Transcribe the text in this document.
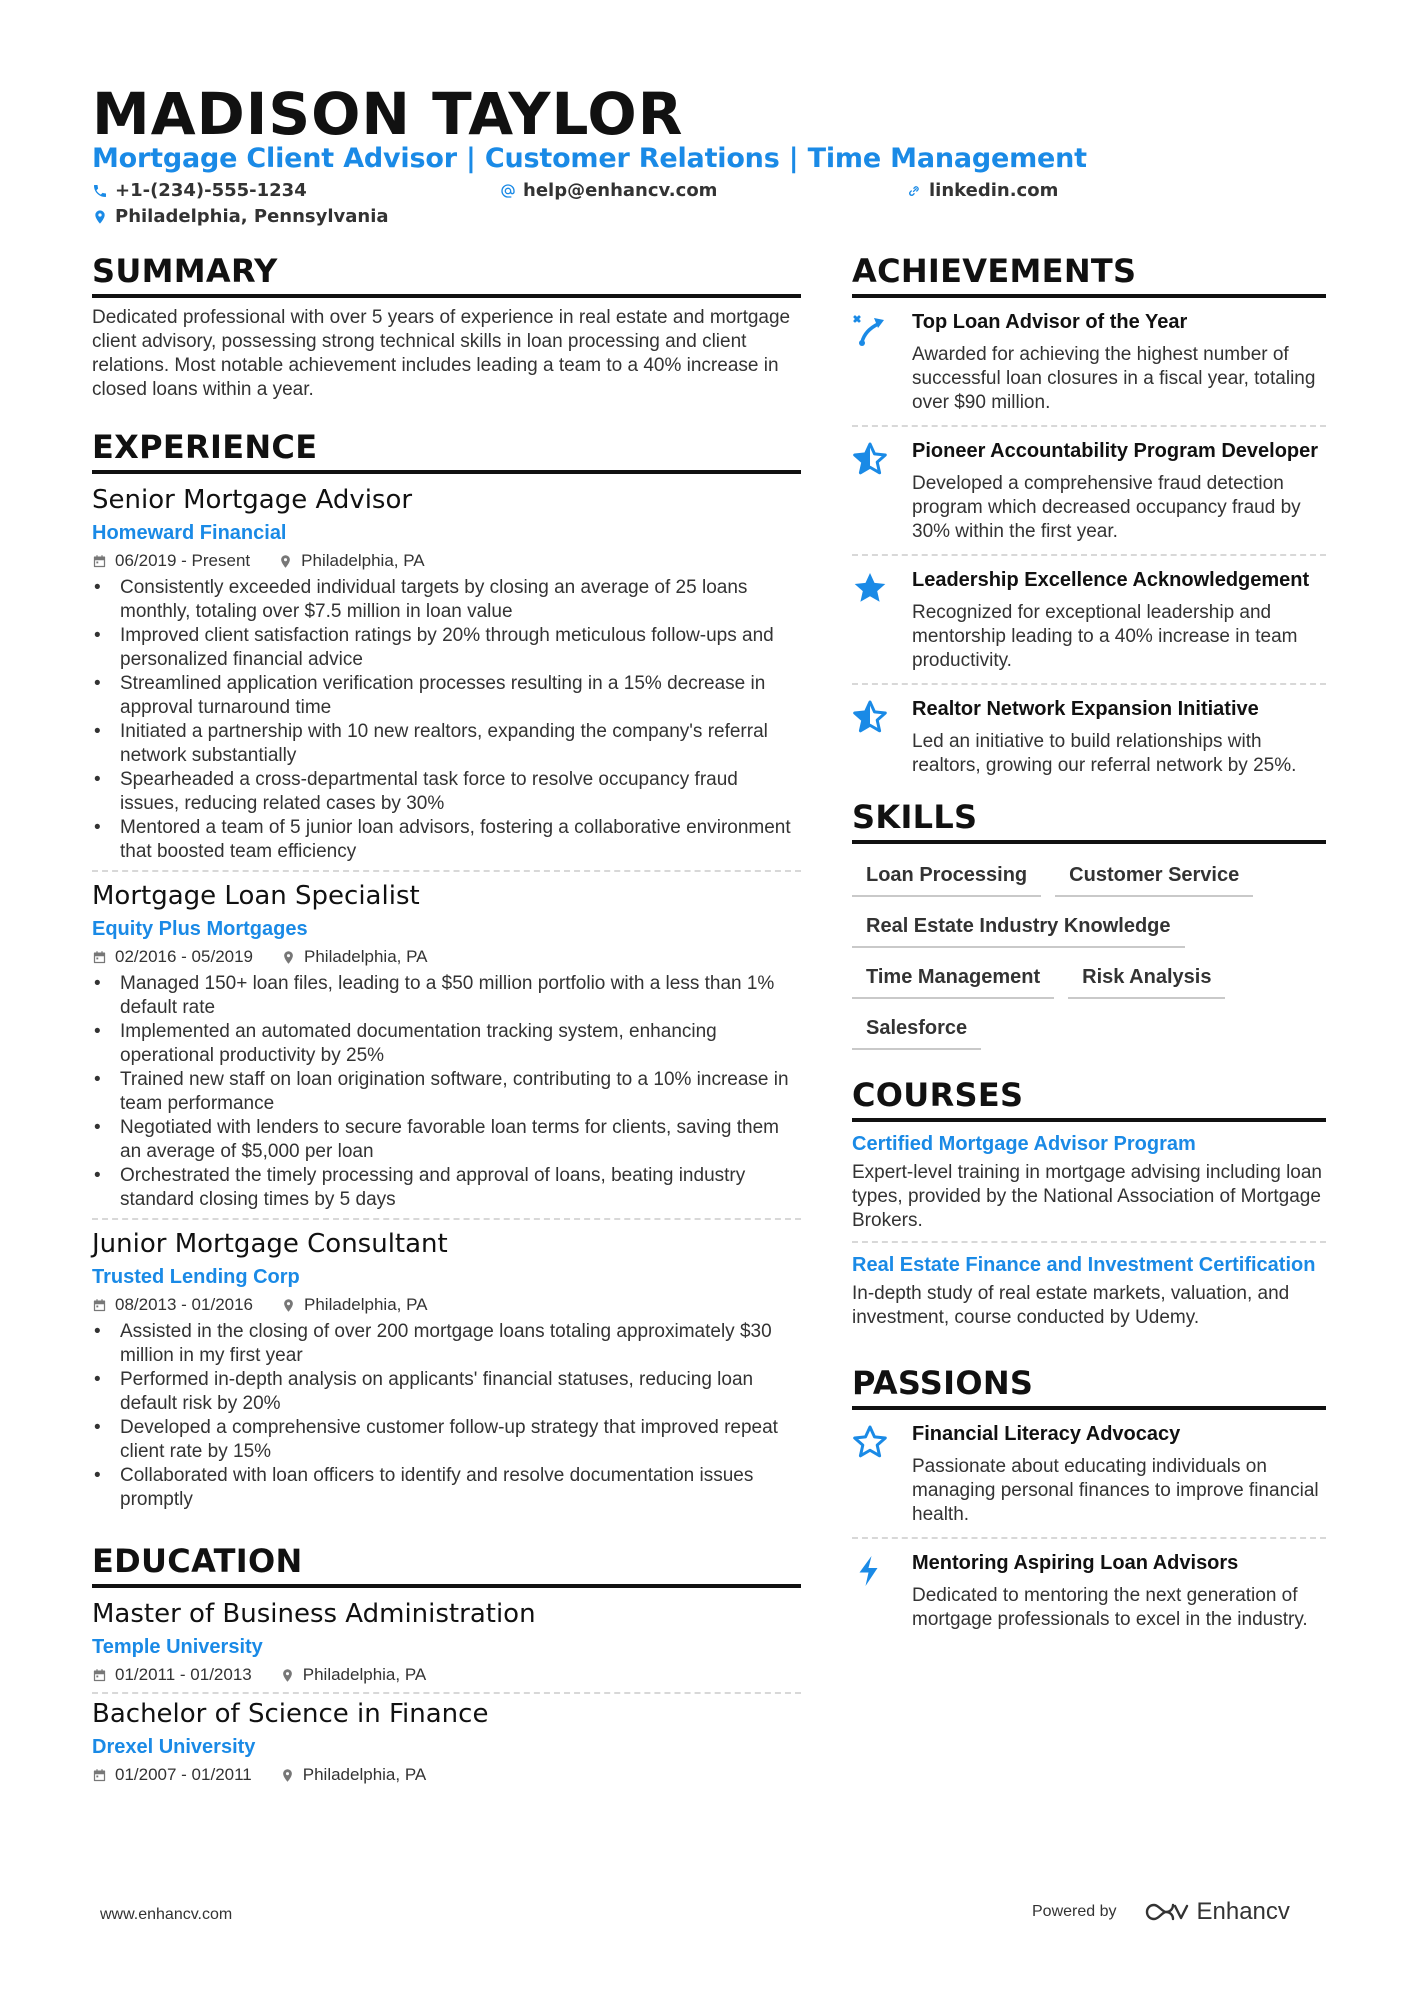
MADISON TAYLOR
Mortgage Client Advisor | Customer Relations | Time Management
+1-(234)-555-1234	help@enhancv.com	linkedin.com
Philadelphia, Pennsylvania
SUMMARY
Dedicated professional with over 5 years of experience in real estate and mortgage client advisory, possessing strong technical skills in loan processing and client relations. Most notable achievement includes leading a team to a 40% increase in closed loans within a year.
EXPERIENCE
Senior Mortgage Advisor
Homeward Financial
06/2019 - Present	Philadelphia, PA
• Consistently exceeded individual targets by closing an average of 25 loans monthly, totaling over $7.5 million in loan value
• Improved client satisfaction ratings by 20% through meticulous follow-ups and personalized financial advice
• Streamlined application verification processes resulting in a 15% decrease in approval turnaround time
• Initiated a partnership with 10 new realtors, expanding the company's referral network substantially
• Spearheaded a cross-departmental task force to resolve occupancy fraud issues, reducing related cases by 30%
• Mentored a team of 5 junior loan advisors, fostering a collaborative environment that boosted team efficiency
Mortgage Loan Specialist
Equity Plus Mortgages
02/2016 - 05/2019	Philadelphia, PA
• Managed 150+ loan files, leading to a $50 million portfolio with a less than 1% default rate
• Implemented an automated documentation tracking system, enhancing operational productivity by 25%
• Trained new staff on loan origination software, contributing to a 10% increase in team performance
• Negotiated with lenders to secure favorable loan terms for clients, saving them an average of $5,000 per loan
• Orchestrated the timely processing and approval of loans, beating industry standard closing times by 5 days
Junior Mortgage Consultant
Trusted Lending Corp
08/2013 - 01/2016	Philadelphia, PA
• Assisted in the closing of over 200 mortgage loans totaling approximately $30 million in my first year
• Performed in-depth analysis on applicants' financial statuses, reducing loan default risk by 20%
• Developed a comprehensive customer follow-up strategy that improved repeat client rate by 15%
• Collaborated with loan officers to identify and resolve documentation issues promptly
EDUCATION
Master of Business Administration
Temple University
01/2011 - 01/2013	Philadelphia, PA
Bachelor of Science in Finance
Drexel University
01/2007 - 01/2011	Philadelphia, PA
ACHIEVEMENTS
Top Loan Advisor of the Year
Awarded for achieving the highest number of successful loan closures in a fiscal year, totaling over $90 million.
Pioneer Accountability Program Developer
Developed a comprehensive fraud detection program which decreased occupancy fraud by 30% within the first year.
Leadership Excellence Acknowledgement
Recognized for exceptional leadership and mentorship leading to a 40% increase in team productivity.
Realtor Network Expansion Initiative
Led an initiative to build relationships with realtors, growing our referral network by 25%.
SKILLS
Loan Processing	Customer Service
Real Estate Industry Knowledge
Time Management	Risk Analysis
Salesforce
COURSES
Certified Mortgage Advisor Program
Expert-level training in mortgage advising including loan types, provided by the National Association of Mortgage Brokers.
Real Estate Finance and Investment Certification
In-depth study of real estate markets, valuation, and investment, course conducted by Udemy.
PASSIONS
Financial Literacy Advocacy
Passionate about educating individuals on managing personal finances to improve financial health.
Mentoring Aspiring Loan Advisors
Dedicated to mentoring the next generation of mortgage professionals to excel in the industry.
www.enhancv.com	Powered by	Enhancv
